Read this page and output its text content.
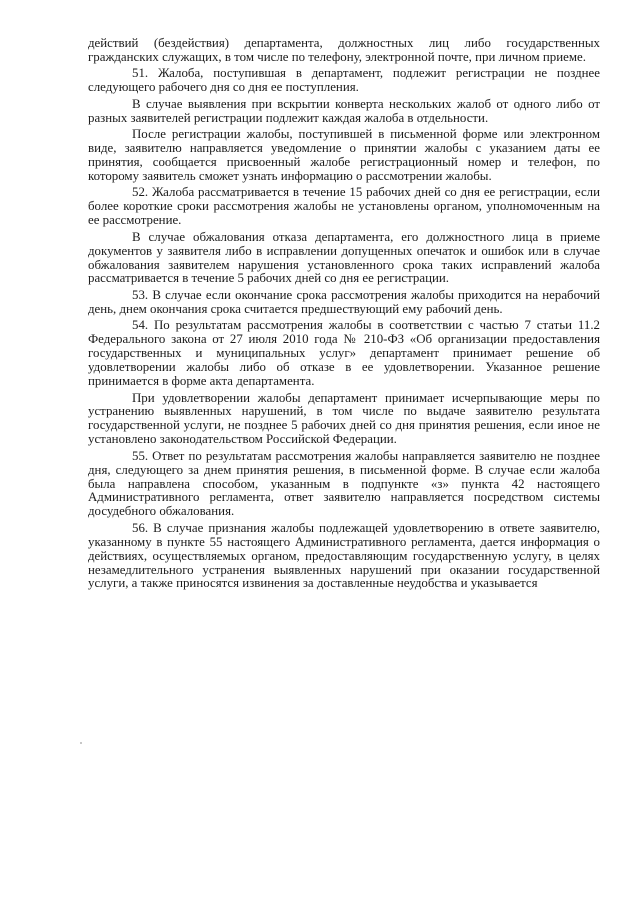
действий (бездействия) департамента, должностных лиц либо государственных гражданских служащих, в том числе по телефону, электронной почте, при личном приеме.

51. Жалоба, поступившая в департамент, подлежит регистрации не позднее следующего рабочего дня со дня ее поступления.

В случае выявления при вскрытии конверта нескольких жалоб от одного либо от разных заявителей регистрации подлежит каждая жалоба в отдельности.

После регистрации жалобы, поступившей в письменной форме или электронном виде, заявителю направляется уведомление о принятии жалобы с указанием даты ее принятия, сообщается присвоенный жалобе регистрационный номер и телефон, по которому заявитель сможет узнать информацию о рассмотрении жалобы.

52. Жалоба рассматривается в течение 15 рабочих дней со дня ее регистрации, если более короткие сроки рассмотрения жалобы не установлены органом, уполномоченным на ее рассмотрение.

В случае обжалования отказа департамента, его должностного лица в приеме документов у заявителя либо в исправлении допущенных опечаток и ошибок или в случае обжалования заявителем нарушения установленного срока таких исправлений жалоба рассматривается в течение 5 рабочих дней со дня ее регистрации.

53. В случае если окончание срока рассмотрения жалобы приходится на нерабочий день, днем окончания срока считается предшествующий ему рабочий день.

54. По результатам рассмотрения жалобы в соответствии с частью 7 статьи 11.2 Федерального закона от 27 июля 2010 года № 210-ФЗ «Об организации предоставления государственных и муниципальных услуг» департамент принимает решение об удовлетворении жалобы либо об отказе в ее удовлетворении. Указанное решение принимается в форме акта департамента.

При удовлетворении жалобы департамент принимает исчерпывающие меры по устранению выявленных нарушений, в том числе по выдаче заявителю результата государственной услуги, не позднее 5 рабочих дней со дня принятия решения, если иное не установлено законодательством Российской Федерации.

55. Ответ по результатам рассмотрения жалобы направляется заявителю не позднее дня, следующего за днем принятия решения, в письменной форме. В случае если жалоба была направлена способом, указанным в подпункте «з» пункта 42 настоящего Административного регламента, ответ заявителю направляется посредством системы досудебного обжалования.

56. В случае признания жалобы подлежащей удовлетворению в ответе заявителю, указанному в пункте 55 настоящего Административного регламента, дается информация о действиях, осуществляемых органом, предоставляющим государственную услугу, в целях незамедлительного устранения выявленных нарушений при оказании государственной услуги, а также приносятся извинения за доставленные неудобства и указывается
